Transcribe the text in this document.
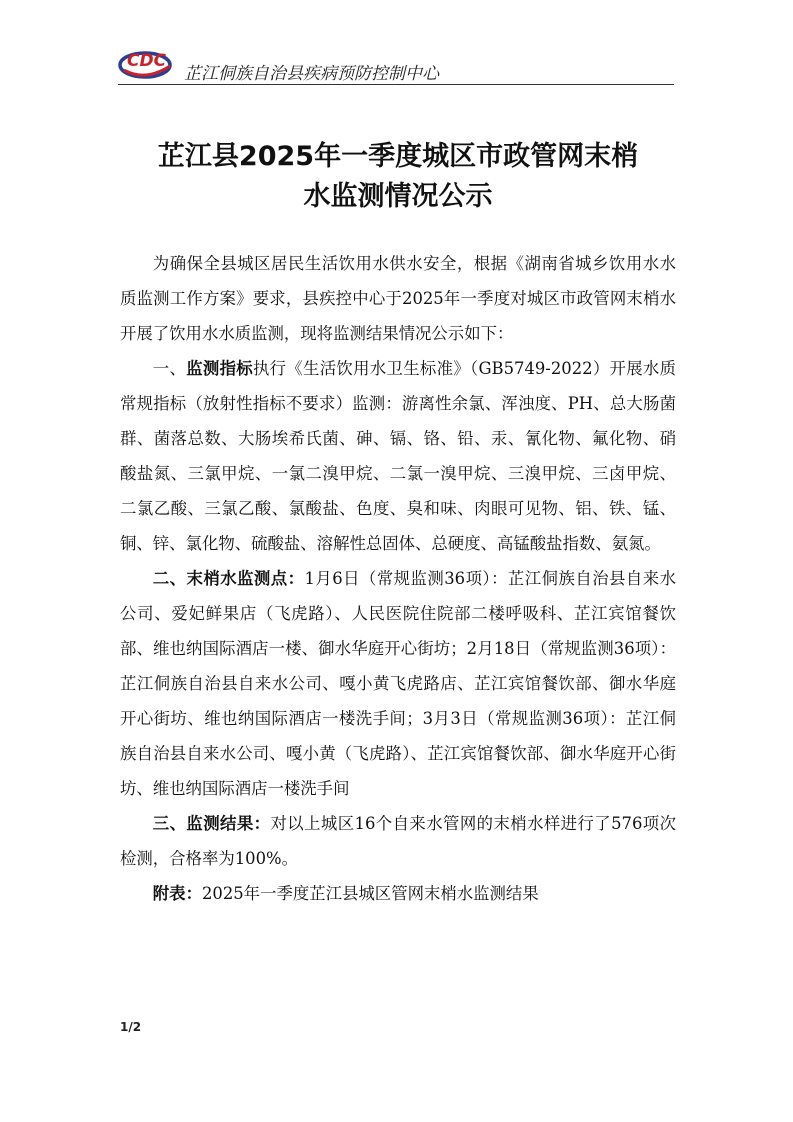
CDC
芷江侗族自治县疾病预防控制中心
芷江县2025年一季度城区市政管网末梢
水监测情况公示

为确保全县城区居民生活饮用水供水安全，根据《湖南省城乡饮用水水质监测工作方案》要求，县疾控中心于2025年一季度对城区市政管网末梢水开展了饮用水水质监测，现将监测结果情况公示如下：

一、监测指标执行《生活饮用水卫生标准》（GB5749-2022）开展水质常规指标（放射性指标不要求）监测：游离性余氯、浑浊度、PH、总大肠菌群、菌落总数、大肠埃希氏菌、砷、镉、铬、铅、汞、氰化物、氟化物、硝酸盐氮、三氯甲烷、一氯二溴甲烷、二氯一溴甲烷、三溴甲烷、三卤甲烷、二氯乙酸、三氯乙酸、氯酸盐、色度、臭和味、肉眼可见物、铝、铁、锰、铜、锌、氯化物、硫酸盐、溶解性总固体、总硬度、高锰酸盐指数、氨氮。

二、末梢水监测点：1月6日（常规监测36项）：芷江侗族自治县自来水公司、爱妃鲜果店（飞虎路）、人民医院住院部二楼呼吸科、芷江宾馆餐饮部、维也纳国际酒店一楼、御水华庭开心街坊；2月18日（常规监测36项）：芷江侗族自治县自来水公司、嘎小黄飞虎路店、芷江宾馆餐饮部、御水华庭开心街坊、维也纳国际酒店一楼洗手间；3月3日（常规监测36项）：芷江侗族自治县自来水公司、嘎小黄（飞虎路）、芷江宾馆餐饮部、御水华庭开心街坊、维也纳国际酒店一楼洗手间

三、监测结果：对以上城区16个自来水管网的末梢水样进行了576项次检测，合格率为100%。

附表：2025年一季度芷江县城区管网末梢水监测结果

1/2
